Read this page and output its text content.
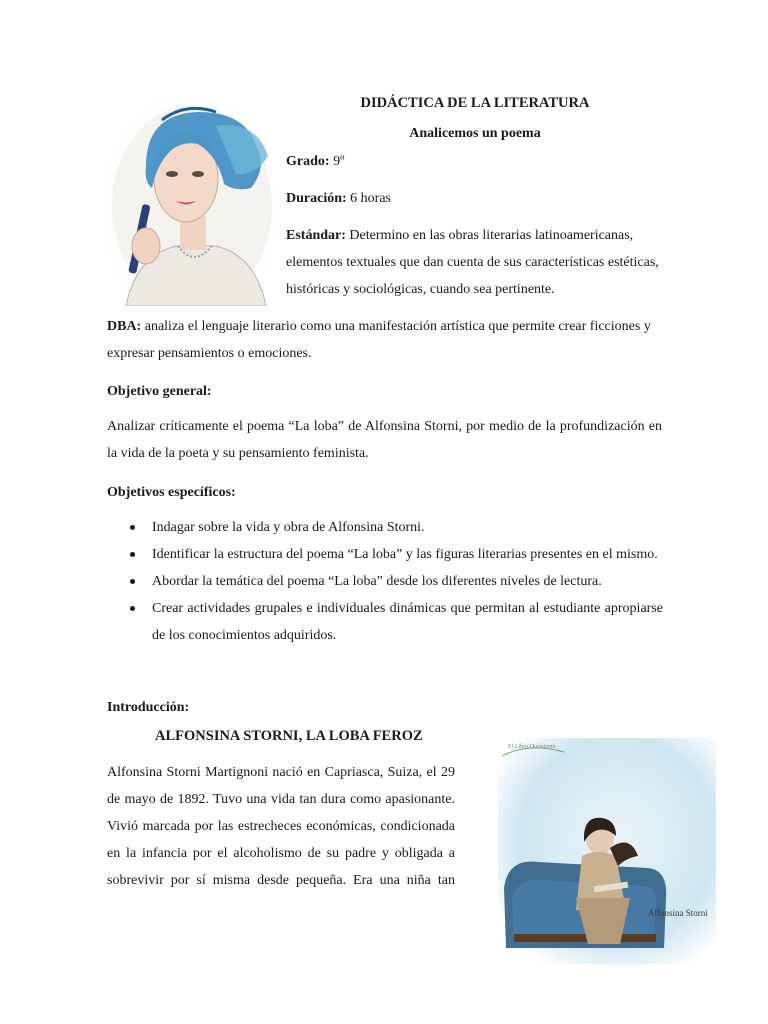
DIDÁCTICA DE LA LITERATURA
Analicemos un poema
Grado: 9º
Duración: 6 horas
Estándar: Determino en las obras literarias latinoamericanas, elementos textuales que dan cuenta de sus características estéticas, históricas y sociológicas, cuando sea pertinente.
DBA: analiza el lenguaje literario como una manifestación artística que permite crear ficciones y expresar pensamientos o emociones.
Objetivo general:
Analizar críticamente el poema “La loba” de Alfonsina Storni, por medio de la profundización en la vida de la poeta y su pensamiento feminista.
Objetivos específicos:
Indagar sobre la vida y obra de Alfonsina Storni.
Identificar la estructura del poema “La loba” y las figuras literarias presentes en el mismo.
Abordar la temática del poema “La loba” desde los diferentes niveles de lectura.
Crear actividades grupales e individuales dinámicas que permitan al estudiante apropiarse de los conocimientos adquiridos.
Introducción:
ALFONSINA STORNI, LA LOBA FEROZ
Alfonsina Storni Martignoni nació en Capriasca, Suiza, el 29 de mayo de 1892. Tuvo una vida tan dura como apasionante. Vivió marcada por las estrecheces económicas, condicionada en la infancia por el alcoholismo de su padre y obligada a sobrevivir por sí misma desde pequeña. Era una niña tan
El Libro Durmiente
Alfonsina Storni
